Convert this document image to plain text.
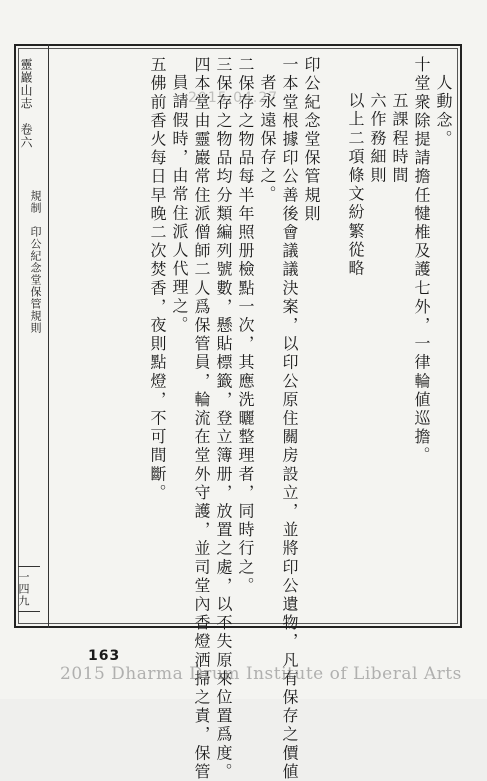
靈巖山志　卷六
規制　印公紀念堂保管規則
一四九
2015.04.27	人動念。
十堂衆除提請擔任犍椎及護七外，一律輪値巡擔。
五課程時間
六作務細則
以上二項條文紛繁從略
印公紀念堂保管規則
一本堂根據印公善後會議議決案，以印公原住關房設立，並將印公遺物，凡有保存之價値
者永遠保存之。
二保存之物品每半年照册檢點一次，其應洗曬整理者，同時行之。
三保存之物品均分類編列號數，懸貼標籤，登立簿册，放置之處，以不失原來位置爲度。
四本堂由靈巖常住派僧師二人爲保管員，輪流在堂外守護，並司堂內香燈洒掃之責，保管
員請假時，由常住派人代理之。
五佛前香火每日早晚二次焚香，夜則點燈，不可間斷。
163
2015 Dharma Drum Institute of Liberal Arts
